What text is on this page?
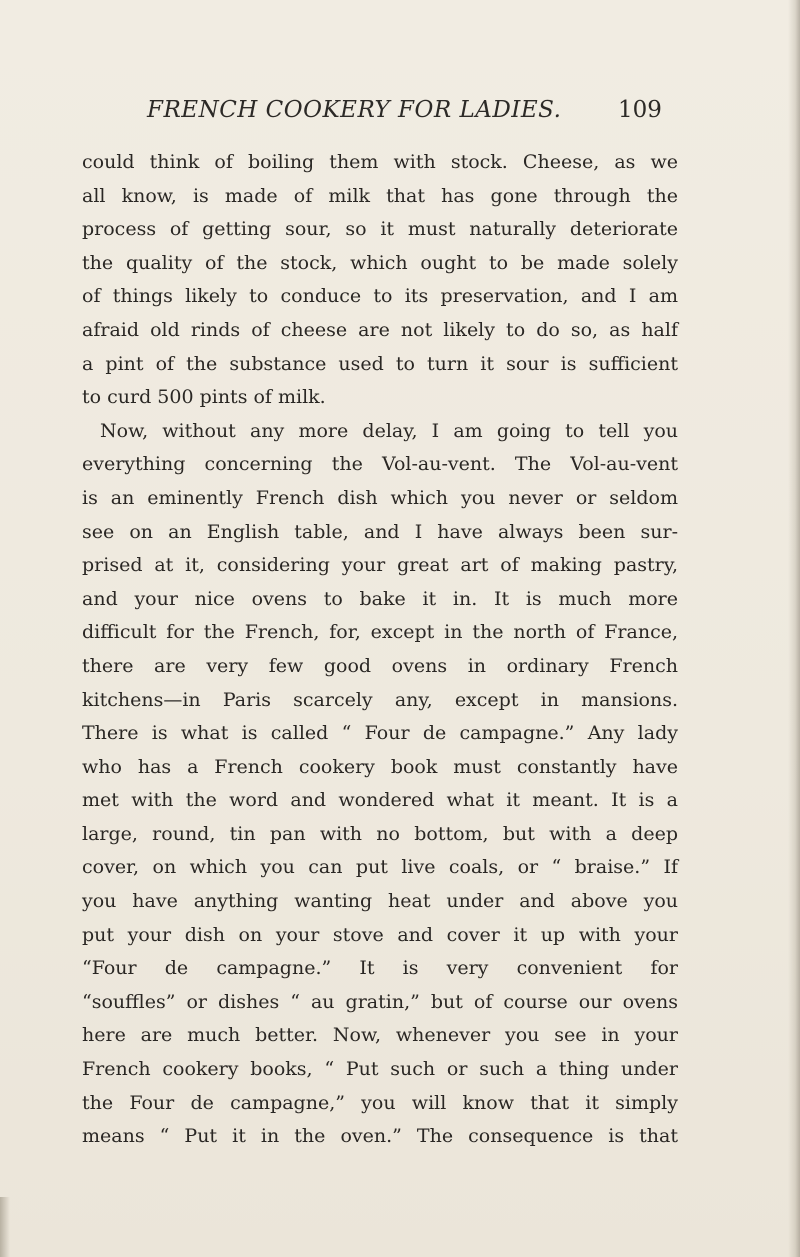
FRENCH COOKERY FOR LADIES.	109
could think of boiling them with stock. Cheese, as we
all know, is made of milk that has gone through the
process of getting sour, so it must naturally deteriorate
the quality of the stock, which ought to be made solely
of things likely to conduce to its preservation, and I am
afraid old rinds of cheese are not likely to do so, as half
a pint of the substance used to turn it sour is sufficient
to curd 500 pints of milk.
Now, without any more delay, I am going to tell you
everything concerning the Vol-au-vent. The Vol-au-vent
is an eminently French dish which you never or seldom
see on an English table, and I have always been sur-
prised at it, considering your great art of making pastry,
and your nice ovens to bake it in. It is much more
difficult for the French, for, except in the north of France,
there are very few good ovens in ordinary French
kitchens—in Paris scarcely any, except in mansions.
There is what is called “ Four de campagne.” Any lady
who has a French cookery book must constantly have
met with the word and wondered what it meant. It is a
large, round, tin pan with no bottom, but with a deep
cover, on which you can put live coals, or “ braise.” If
you have anything wanting heat under and above you
put your dish on your stove and cover it up with your
“Four de campagne.” It is very convenient for
“souffles” or dishes “ au gratin,” but of course our ovens
here are much better. Now, whenever you see in your
French cookery books, “ Put such or such a thing under
the Four de campagne,” you will know that it simply
means “ Put it in the oven.” The consequence is that
